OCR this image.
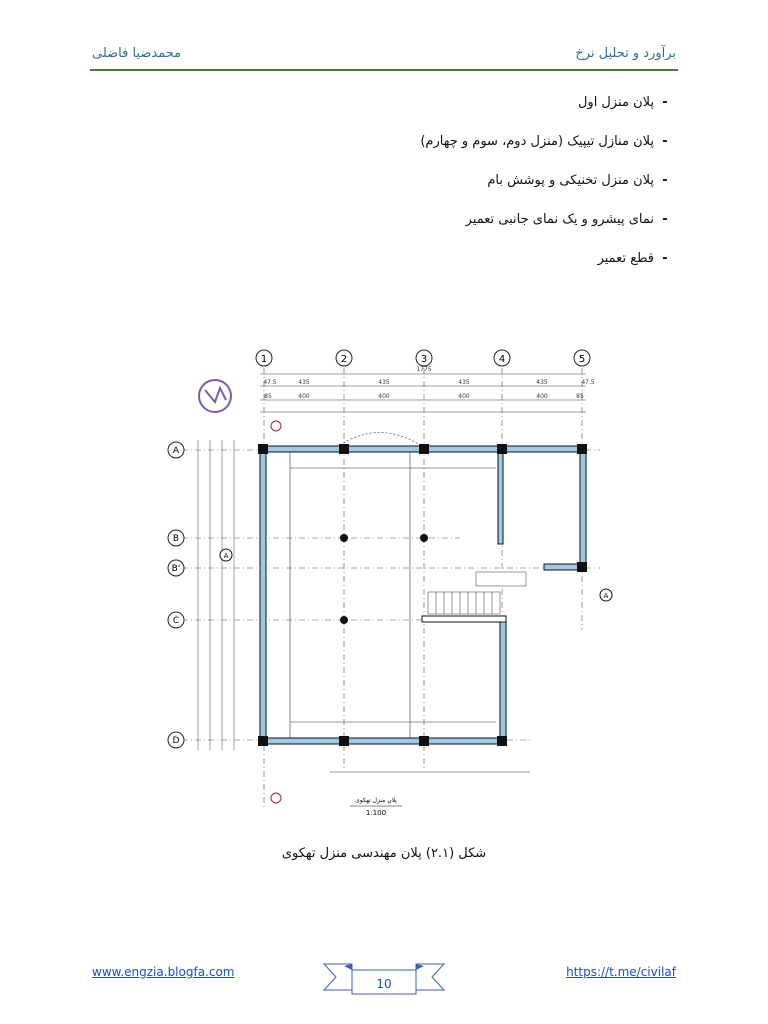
برآورد و تحلیل نرخ
محمدضیا فاضلی
-
پلان منزل اول
-
پلان منازل تیپیک (منزل دوم، سوم و چهارم)
-
پلان منزل تخنیکی و پوشش بام
-
نمای پیشرو و یک نمای جانبی تعمیر
-
قطع تعمیر
1	2	3	4	5
A
B
B'
C
D
1775
47.5	435	435	435	435	47.5
85	400	400	400	400	85
A
A
پلان منزل تهکوی
1:100
شکل (۲.۱) پلان مهندسی منزل تهکوی
www.engzia.blogfa.com	https://t.me/civilaf
10
